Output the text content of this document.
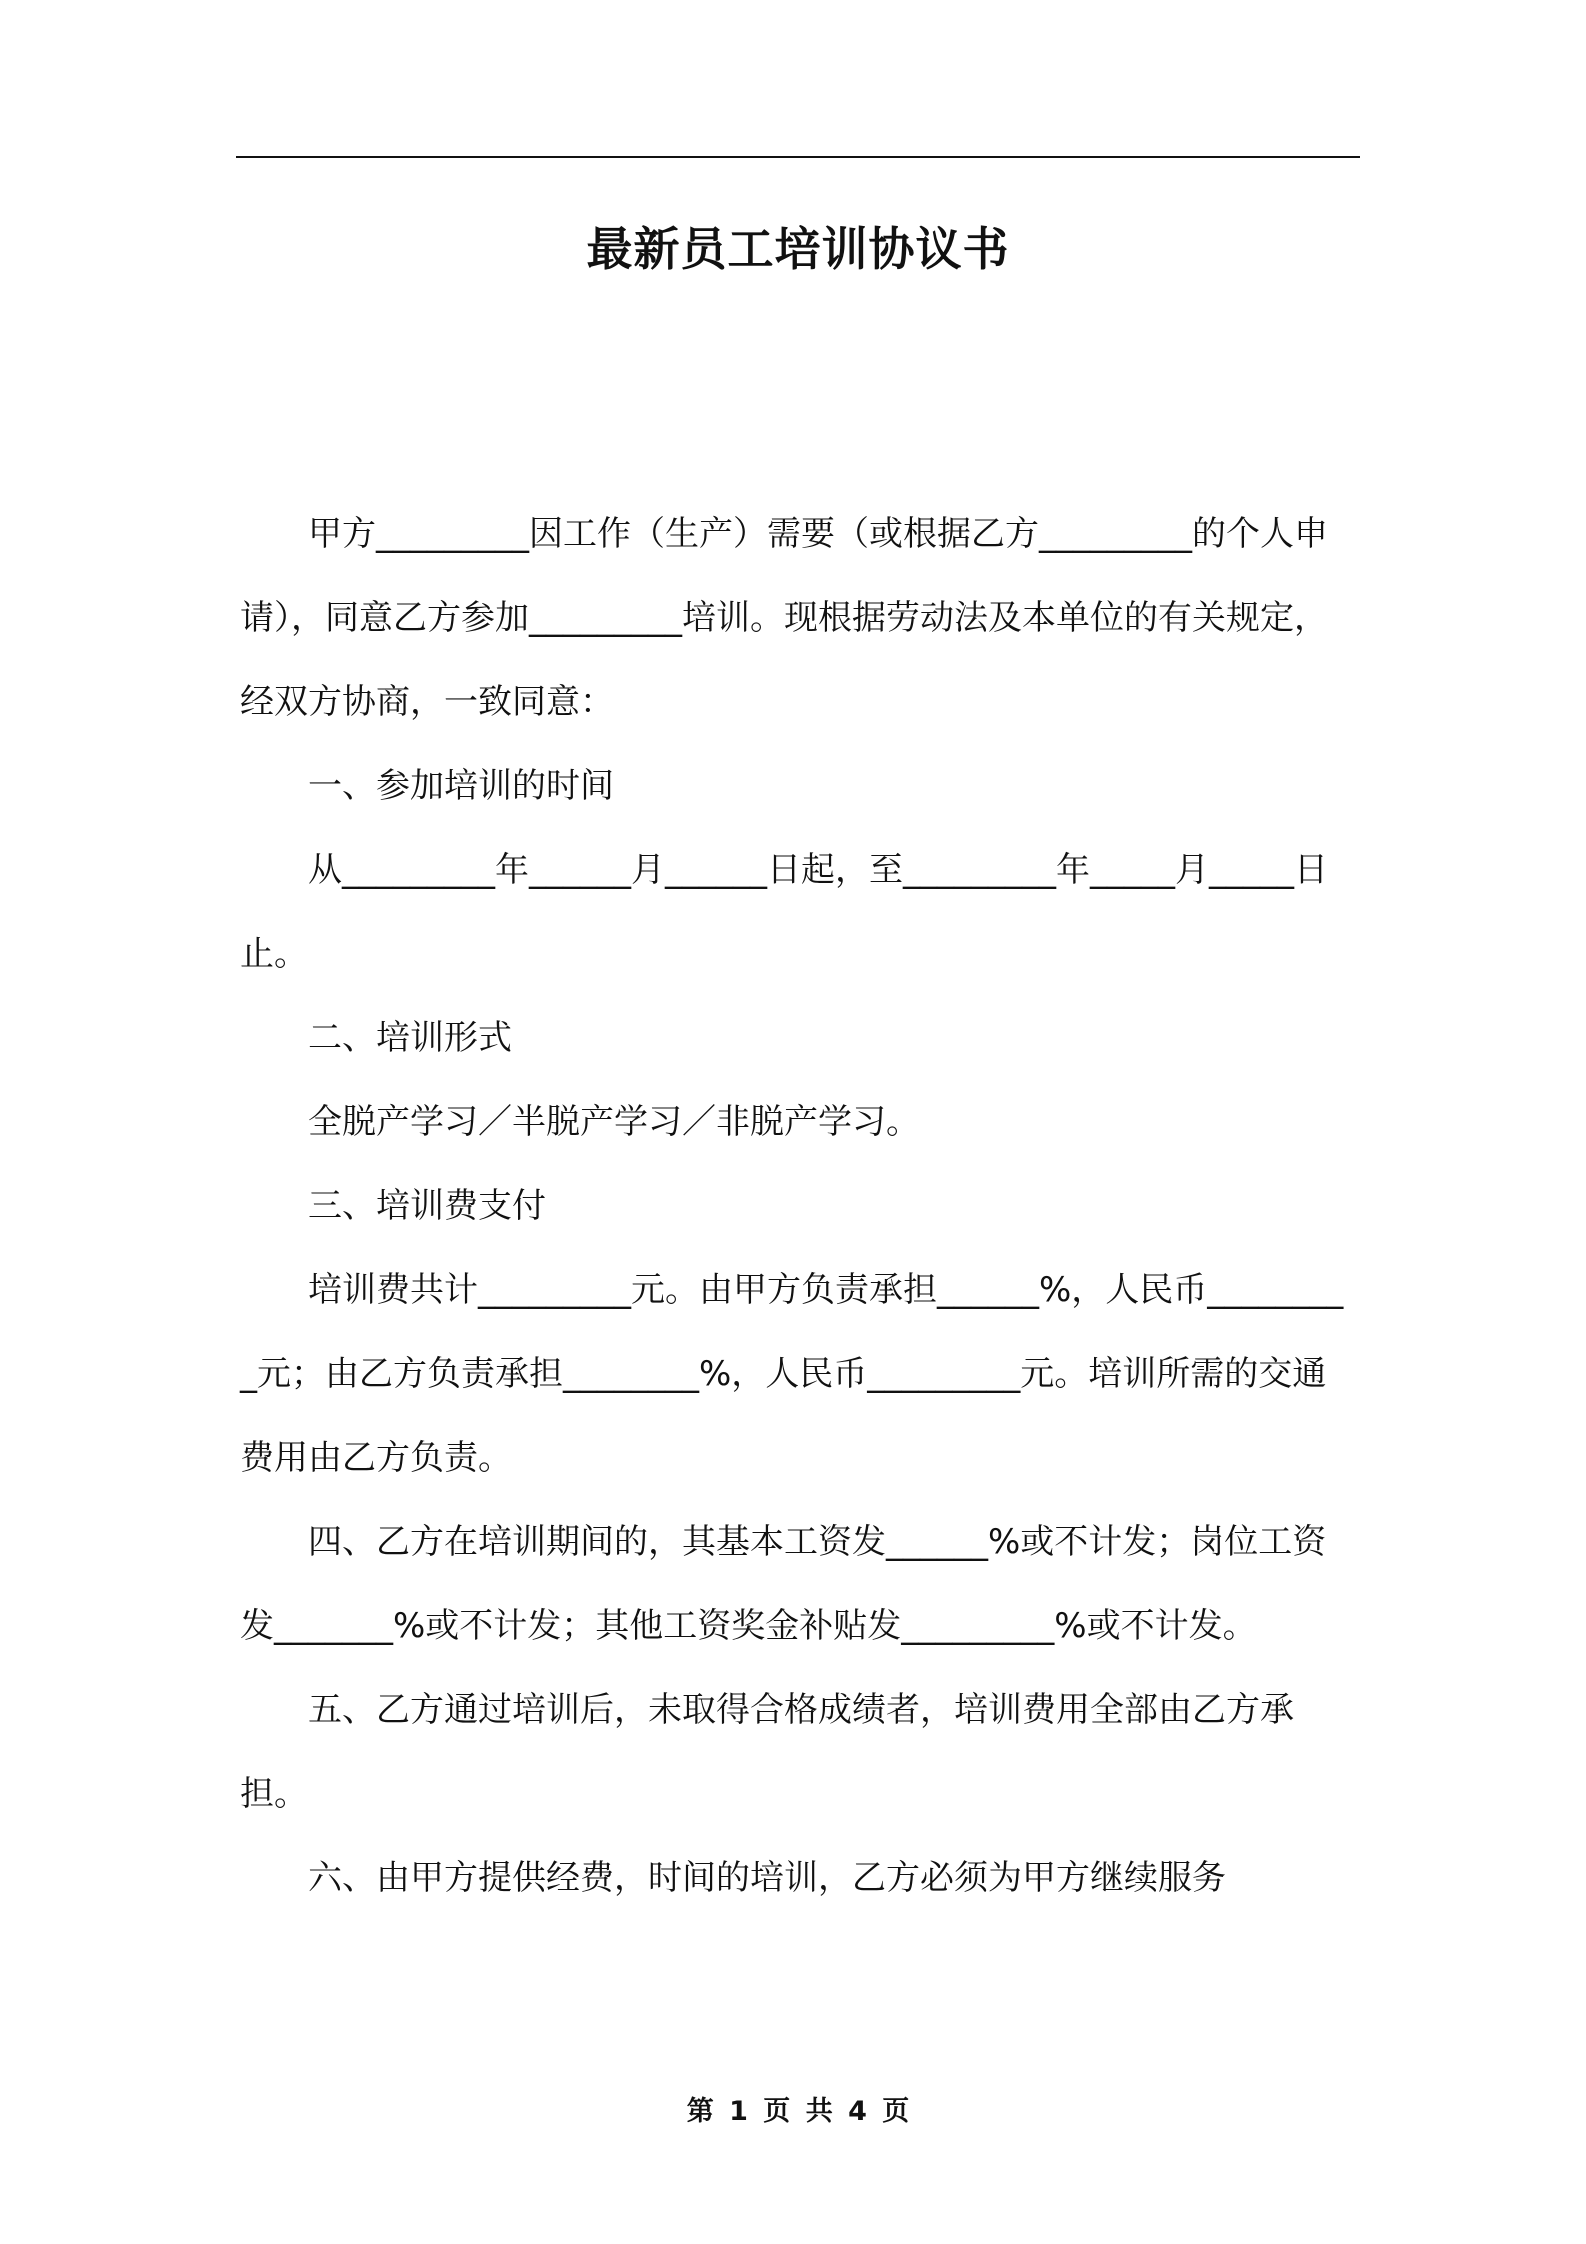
最新员工培训协议书

甲方_________因工作（生产）需要（或根据乙方_________的个人申请），同意乙方参加_________培训。现根据劳动法及本单位的有关规定，经双方协商，一致同意：

一、参加培训的时间

从_________年______月______日起，至_________年_____月_____日止。

二、培训形式

全脱产学习／半脱产学习／非脱产学习。

三、培训费支付

培训费共计_________元。由甲方负责承担______%，人民币_________元；由乙方负责承担________%，人民币_________元。培训所需的交通费用由乙方负责。

四、乙方在培训期间的，其基本工资发______%或不计发；岗位工资发_______%或不计发；其他工资奖金补贴发_________%或不计发。

五、乙方通过培训后，未取得合格成绩者，培训费用全部由乙方承担。

六、由甲方提供经费，时间的培训，乙方必须为甲方继续服务

第 1 页 共 4 页
